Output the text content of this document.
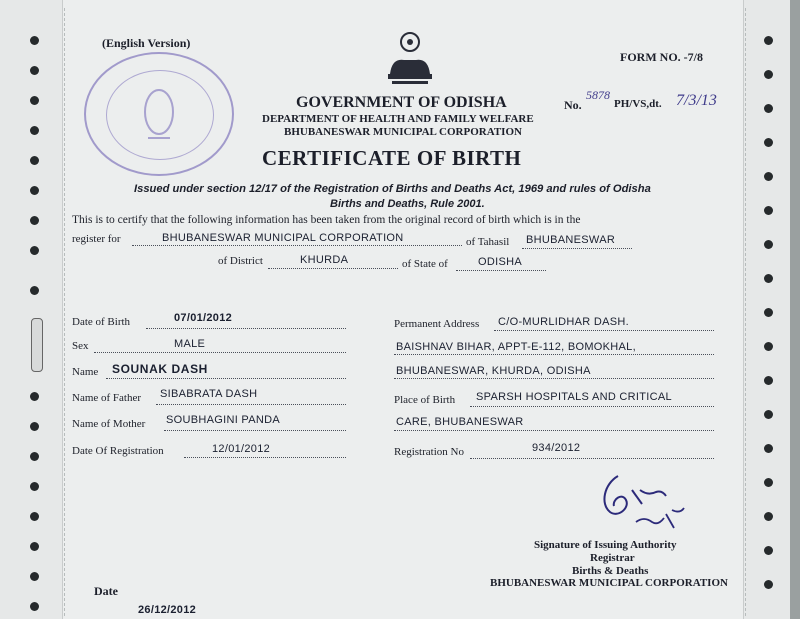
(English Version)
FORM NO. -7/8
GOVERNMENT OF ODISHA
DEPARTMENT OF HEALTH AND FAMILY WELFARE
BHUBANESWAR MUNICIPAL CORPORATION
No.
5878
PH/VS,dt. 7/3/13
CERTIFICATE OF BIRTH
Issued under section 12/17 of the Registration of Births and Deaths Act, 1969 and rules of Odisha
Births and Deaths, Rule 2001.
This is to certify that the following information has been taken from the original record of birth which is in the
register for	BHUBANESWAR MUNICIPAL CORPORATION	of Tahasil BHUBANESWAR
of District	KHURDA	of State of	ODISHA
Date of Birth	07/01/2012
Sex	MALE
Name SOUNAK DASH
Name of Father SIBABRATA DASH
Name of Mother SOUBHAGINI PANDA
Date Of Registration	12/01/2012
Permanent Address C/O-MURLIDHAR DASH.
BAISHNAV BIHAR, APPT-E-112, BOMOKHAL,
BHUBANESWAR, KHURDA, ODISHA
Place of Birth SPARSH HOSPITALS AND CRITICAL
CARE, BHUBANESWAR
Registration No	934/2012
Signature of Issuing Authority
Registrar
Births & Deaths
BHUBANESWAR MUNICIPAL CORPORATION
Date
26/12/2012
